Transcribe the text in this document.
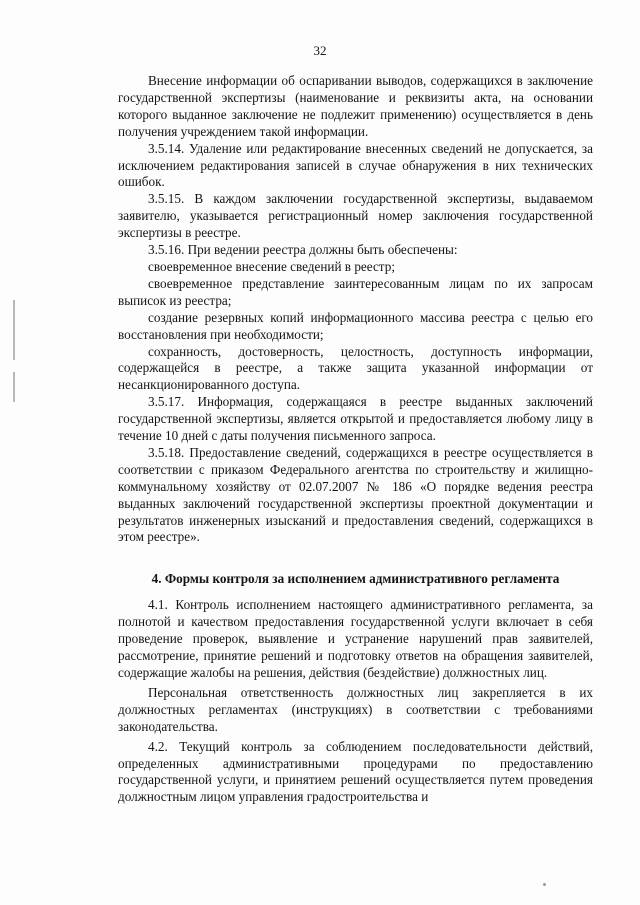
32

Внесение информации об оспаривании выводов, содержащихся в заключение государственной экспертизы (наименование и реквизиты акта, на основании которого выданное заключение не подлежит применению) осуществляется в день получения учреждением такой информации.

3.5.14. Удаление или редактирование внесенных сведений не допускается, за исключением редактирования записей в случае обнаружения в них технических ошибок.

3.5.15. В каждом заключении государственной экспертизы, выдаваемом заявителю, указывается регистрационный номер заключения государственной экспертизы в реестре.

3.5.16. При ведении реестра должны быть обеспечены:

своевременное внесение сведений в реестр;

своевременное представление заинтересованным лицам по их запросам выписок из реестра;

создание резервных копий информационного массива реестра с целью его восстановления при необходимости;

сохранность, достоверность, целостность, доступность информации, содержащейся в реестре, а также защита указанной информации от несанкционированного доступа.

3.5.17. Информация, содержащаяся в реестре выданных заключений государственной экспертизы, является открытой и предоставляется любому лицу в течение 10 дней с даты получения письменного запроса.

3.5.18. Предоставление сведений, содержащихся в реестре осуществляется в соответствии с приказом Федерального агентства по строительству и жилищно-коммунальному хозяйству от 02.07.2007 № 186 «О порядке ведения реестра выданных заключений государственной экспертизы проектной документации и результатов инженерных изысканий и предоставления сведений, содержащихся в этом реестре».

4. Формы контроля за исполнением административного регламента

4.1. Контроль исполнением настоящего административного регламента, за полнотой и качеством предоставления государственной услуги включает в себя проведение проверок, выявление и устранение нарушений прав заявителей, рассмотрение, принятие решений и подготовку ответов на обращения заявителей, содержащие жалобы на решения, действия (бездействие) должностных лиц.

Персональная ответственность должностных лиц закрепляется в их должностных регламентах (инструкциях) в соответствии с требованиями законодательства.

4.2. Текущий контроль за соблюдением последовательности действий, определенных административными процедурами по предоставлению государственной услуги, и принятием решений осуществляется путем проведения должностным лицом управления градостроительства и
